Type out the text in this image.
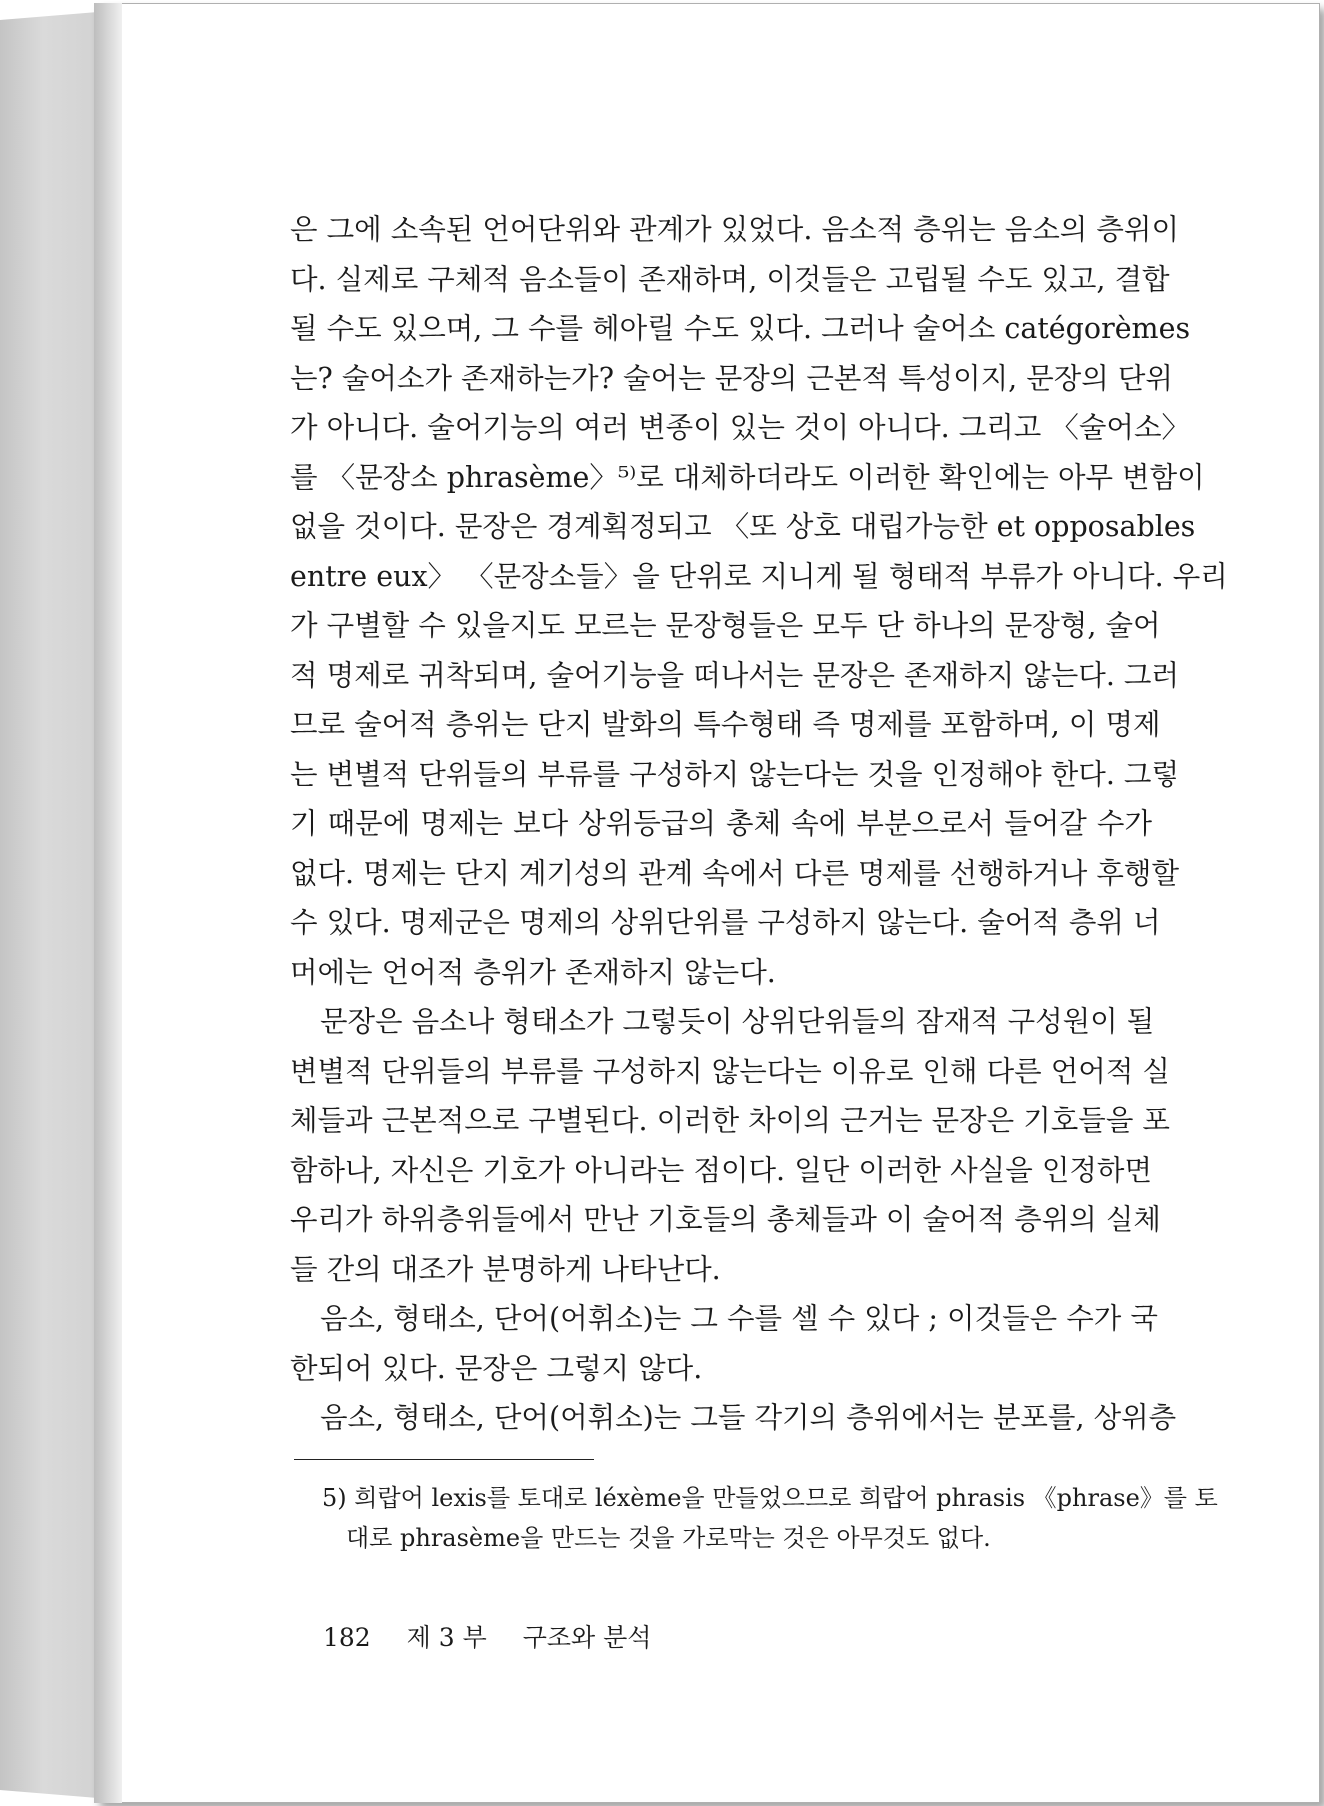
은 그에 소속된 언어단위와 관계가 있었다. 음소적 층위는 음소의 층위이
다. 실제로 구체적 음소들이 존재하며, 이것들은 고립될 수도 있고, 결합
될 수도 있으며, 그 수를 헤아릴 수도 있다. 그러나 술어소 catégorèmes
는? 술어소가 존재하는가? 술어는 문장의 근본적 특성이지, 문장의 단위
가 아니다. 술어기능의 여러 변종이 있는 것이 아니다. 그리고 〈술어소〉
를 〈문장소 phrasème〉⁵⁾로 대체하더라도 이러한 확인에는 아무 변함이
없을 것이다. 문장은 경계획정되고 〈또 상호 대립가능한 et opposables
entre eux〉 〈문장소들〉을 단위로 지니게 될 형태적 부류가 아니다. 우리
가 구별할 수 있을지도 모르는 문장형들은 모두 단 하나의 문장형, 술어
적 명제로 귀착되며, 술어기능을 떠나서는 문장은 존재하지 않는다. 그러
므로 술어적 층위는 단지 발화의 특수형태 즉 명제를 포함하며, 이 명제
는 변별적 단위들의 부류를 구성하지 않는다는 것을 인정해야 한다. 그렇
기 때문에 명제는 보다 상위등급의 총체 속에 부분으로서 들어갈 수가
없다. 명제는 단지 계기성의 관계 속에서 다른 명제를 선행하거나 후행할
수 있다. 명제군은 명제의 상위단위를 구성하지 않는다. 술어적 층위 너
머에는 언어적 층위가 존재하지 않는다.
문장은 음소나 형태소가 그렇듯이 상위단위들의 잠재적 구성원이 될
변별적 단위들의 부류를 구성하지 않는다는 이유로 인해 다른 언어적 실
체들과 근본적으로 구별된다. 이러한 차이의 근거는 문장은 기호들을 포
함하나, 자신은 기호가 아니라는 점이다. 일단 이러한 사실을 인정하면
우리가 하위층위들에서 만난 기호들의 총체들과 이 술어적 층위의 실체
들 간의 대조가 분명하게 나타난다.
음소, 형태소, 단어(어휘소)는 그 수를 셀 수 있다 ; 이것들은 수가 국
한되어 있다. 문장은 그렇지 않다.
음소, 형태소, 단어(어휘소)는 그들 각기의 층위에서는 분포를, 상위층
5) 희랍어 lexis를 토대로 léxème을 만들었으므로 희랍어 phrasis 《phrase》를 토
대로 phrasème을 만드는 것을 가로막는 것은 아무것도 없다.
182 제 3 부 구조와 분석
